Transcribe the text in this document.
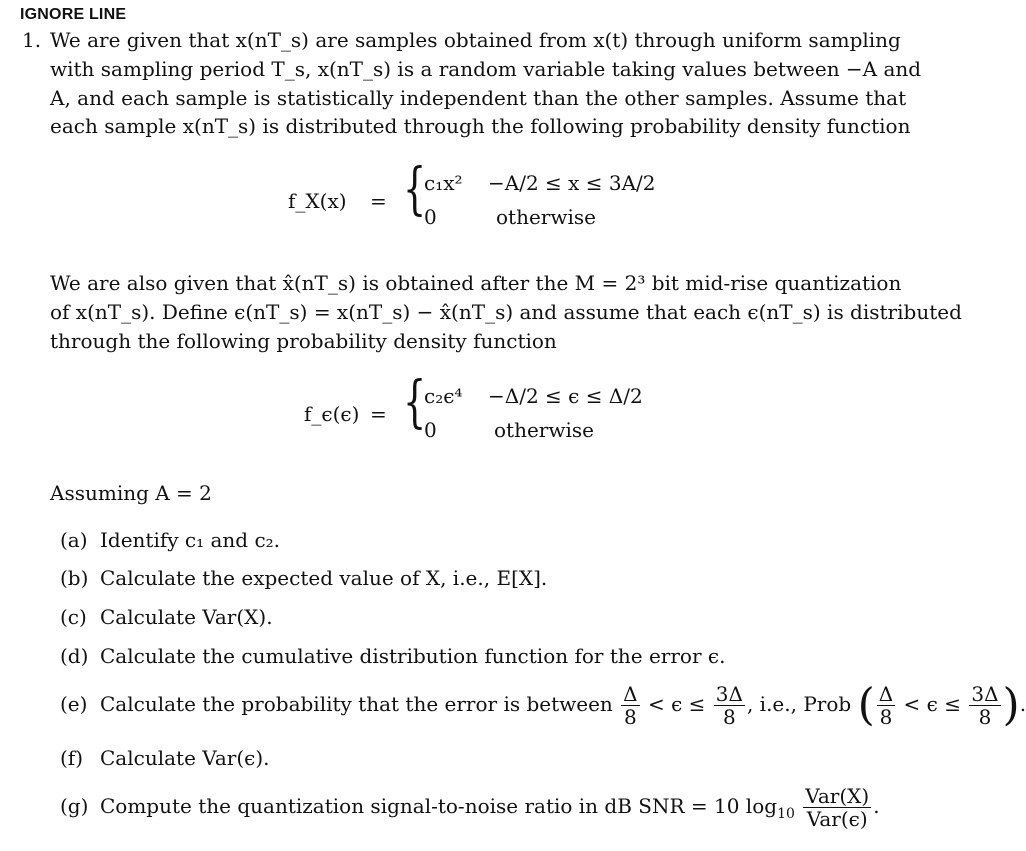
IGNORE LINE
1. We are given that x(nT_s) are samples obtained from x(t) through uniform sampling
with sampling period T_s, x(nT_s) is a random variable taking values between −A and
A, and each sample is statistically independent than the other samples. Assume that
each sample x(nT_s) is distributed through the following probability density function
f_X(x) = {
c₁x² −A/2 ≤ x ≤ 3A/2
0	otherwise
We are also given that x̂(nT_s) is obtained after the M = 2³ bit mid-rise quantization
of x(nT_s). Define ϵ(nT_s) = x(nT_s) − x̂(nT_s) and assume that each ϵ(nT_s) is distributed
through the following probability density function
f_ϵ(ϵ) = {
c₂ϵ⁴ −Δ/2 ≤ ϵ ≤ Δ/2
0	otherwise
Assuming A = 2
(a) Identify c₁ and c₂.
(b) Calculate the expected value of X, i.e., E[X].
(c) Calculate Var(X).
(d) Calculate the cumulative distribution function for the error ϵ.
(e) Calculate the probability that the error is between $\frac{\Delta}{8} < \epsilon \le \frac{3\Delta}{8}$ , i.e., Prob ( $\frac{\Delta}{8} < \epsilon \le \frac{3\Delta}{8}$ ).
(f) Calculate Var(ϵ).
(g) Compute the quantization signal-to-noise ratio in dB SNR = 10 $\log_{10} \frac{\text{Var(X)}}{\text{Var(ϵ)}}$ .
